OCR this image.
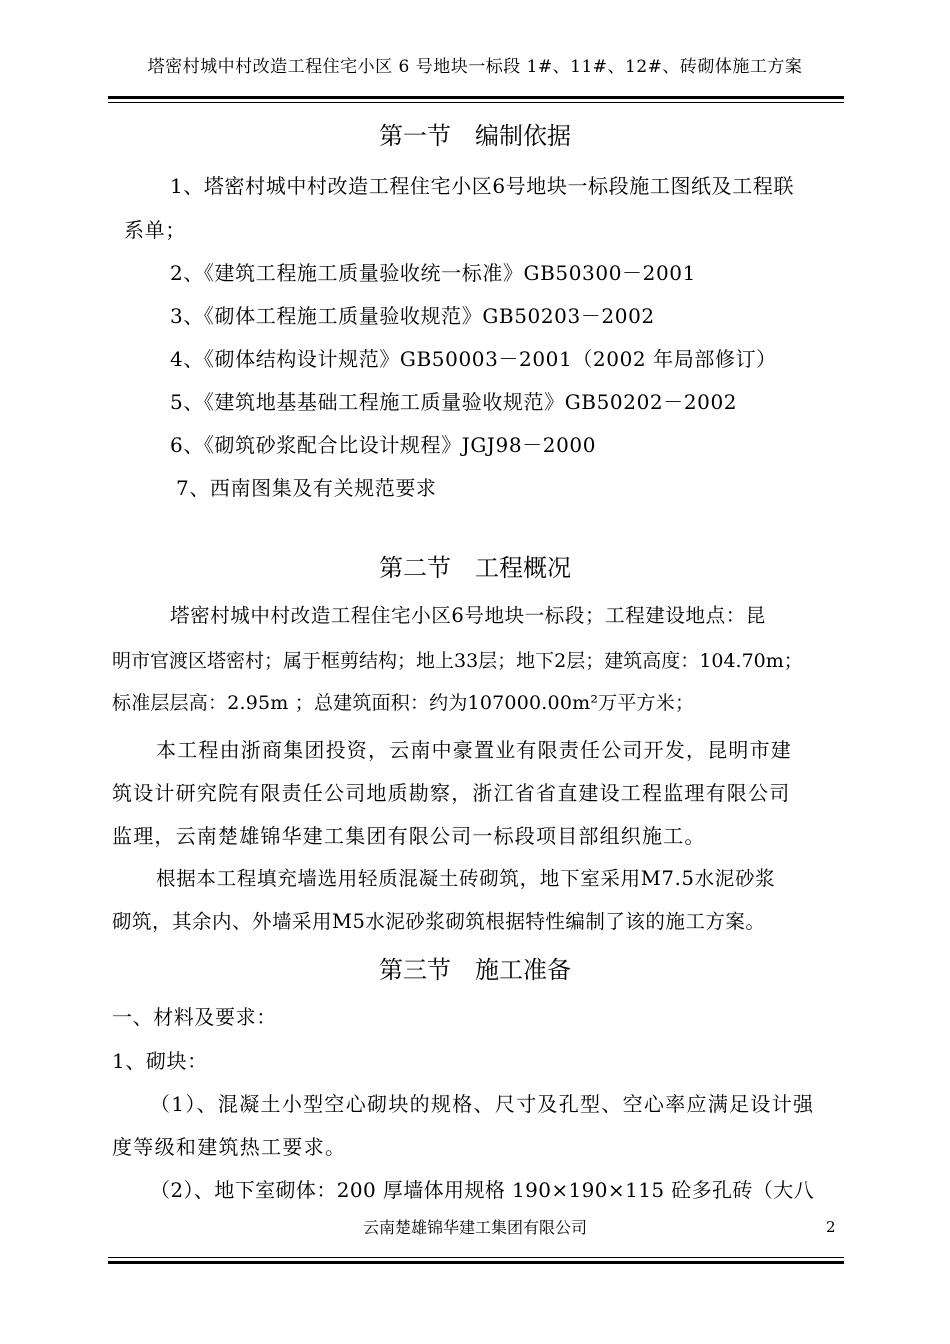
塔密村城中村改造工程住宅小区 6 号地块一标段 1#、11#、12#、砖砌体施工方案
第一节　编制依据
1、塔密村城中村改造工程住宅小区6号地块一标段施工图纸及工程联
系单；
2、《建筑工程施工质量验收统一标准》GB50300－2001
3、《砌体工程施工质量验收规范》GB50203－2002
4、《砌体结构设计规范》GB50003－2001（2002 年局部修订）
5、《建筑地基基础工程施工质量验收规范》GB50202－2002
6、《砌筑砂浆配合比设计规程》JGJ98－2000
7、西南图集及有关规范要求
第二节　工程概况
塔密村城中村改造工程住宅小区6号地块一标段；工程建设地点：昆
明市官渡区塔密村；属于框剪结构；地上33层；地下2层；建筑高度：104.70m；
标准层层高：2.95m ；总建筑面积：约为107000.00m²万平方米；
本工程由浙商集团投资，云南中豪置业有限责任公司开发，昆明市建
筑设计研究院有限责任公司地质勘察，浙江省省直建设工程监理有限公司
监理，云南楚雄锦华建工集团有限公司一标段项目部组织施工。
根据本工程填充墙选用轻质混凝土砖砌筑，地下室采用M7.5水泥砂浆
砌筑，其余内、外墙采用M5水泥砂浆砌筑根据特性编制了该的施工方案。
第三节　施工准备
一、材料及要求：
1、砌块：
（1）、混凝土小型空心砌块的规格、尺寸及孔型、空心率应满足设计强
度等级和建筑热工要求。
（2）、地下室砌体：200 厚墙体用规格 190×190×115 砼多孔砖（大八
云南楚雄锦华建工集团有限公司	2
